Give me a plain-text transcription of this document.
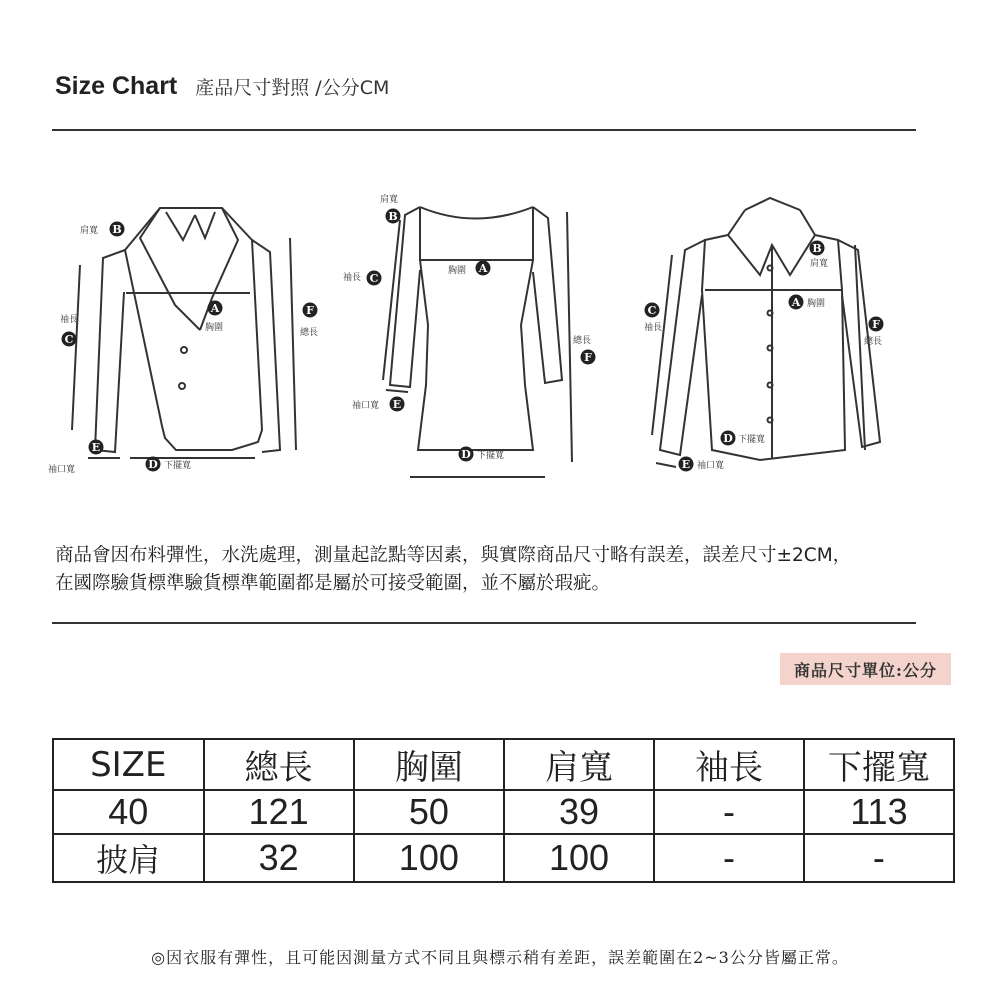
Size Chart 產品尺寸對照 /公分CM
B
肩寬
袖長
C
A
胸圍
F
總長
E
袖口寬	D 下擺寬
肩寬
B
袖長 C
胸圍 A
總長
F
袖口寬 E
D 下擺寬
B
肩寬
A 胸圍
C
袖長	F
總長
D 下擺寬
E 袖口寬
商品會因布料彈性，水洗處理，測量起訖點等因素，與實際商品尺寸略有誤差，誤差尺寸±2CM，
在國際驗貨標準驗貨標準範圍都是屬於可接受範圍，並不屬於瑕疵。
商品尺寸單位:公分
SIZE	總長	胸圍	肩寬	袖長	下擺寬
40	121	50	39	-	113
披肩	32	100	100	-	-
◎因衣服有彈性，且可能因測量方式不同且與標示稍有差距，誤差範圍在2~3公分皆屬正常。
